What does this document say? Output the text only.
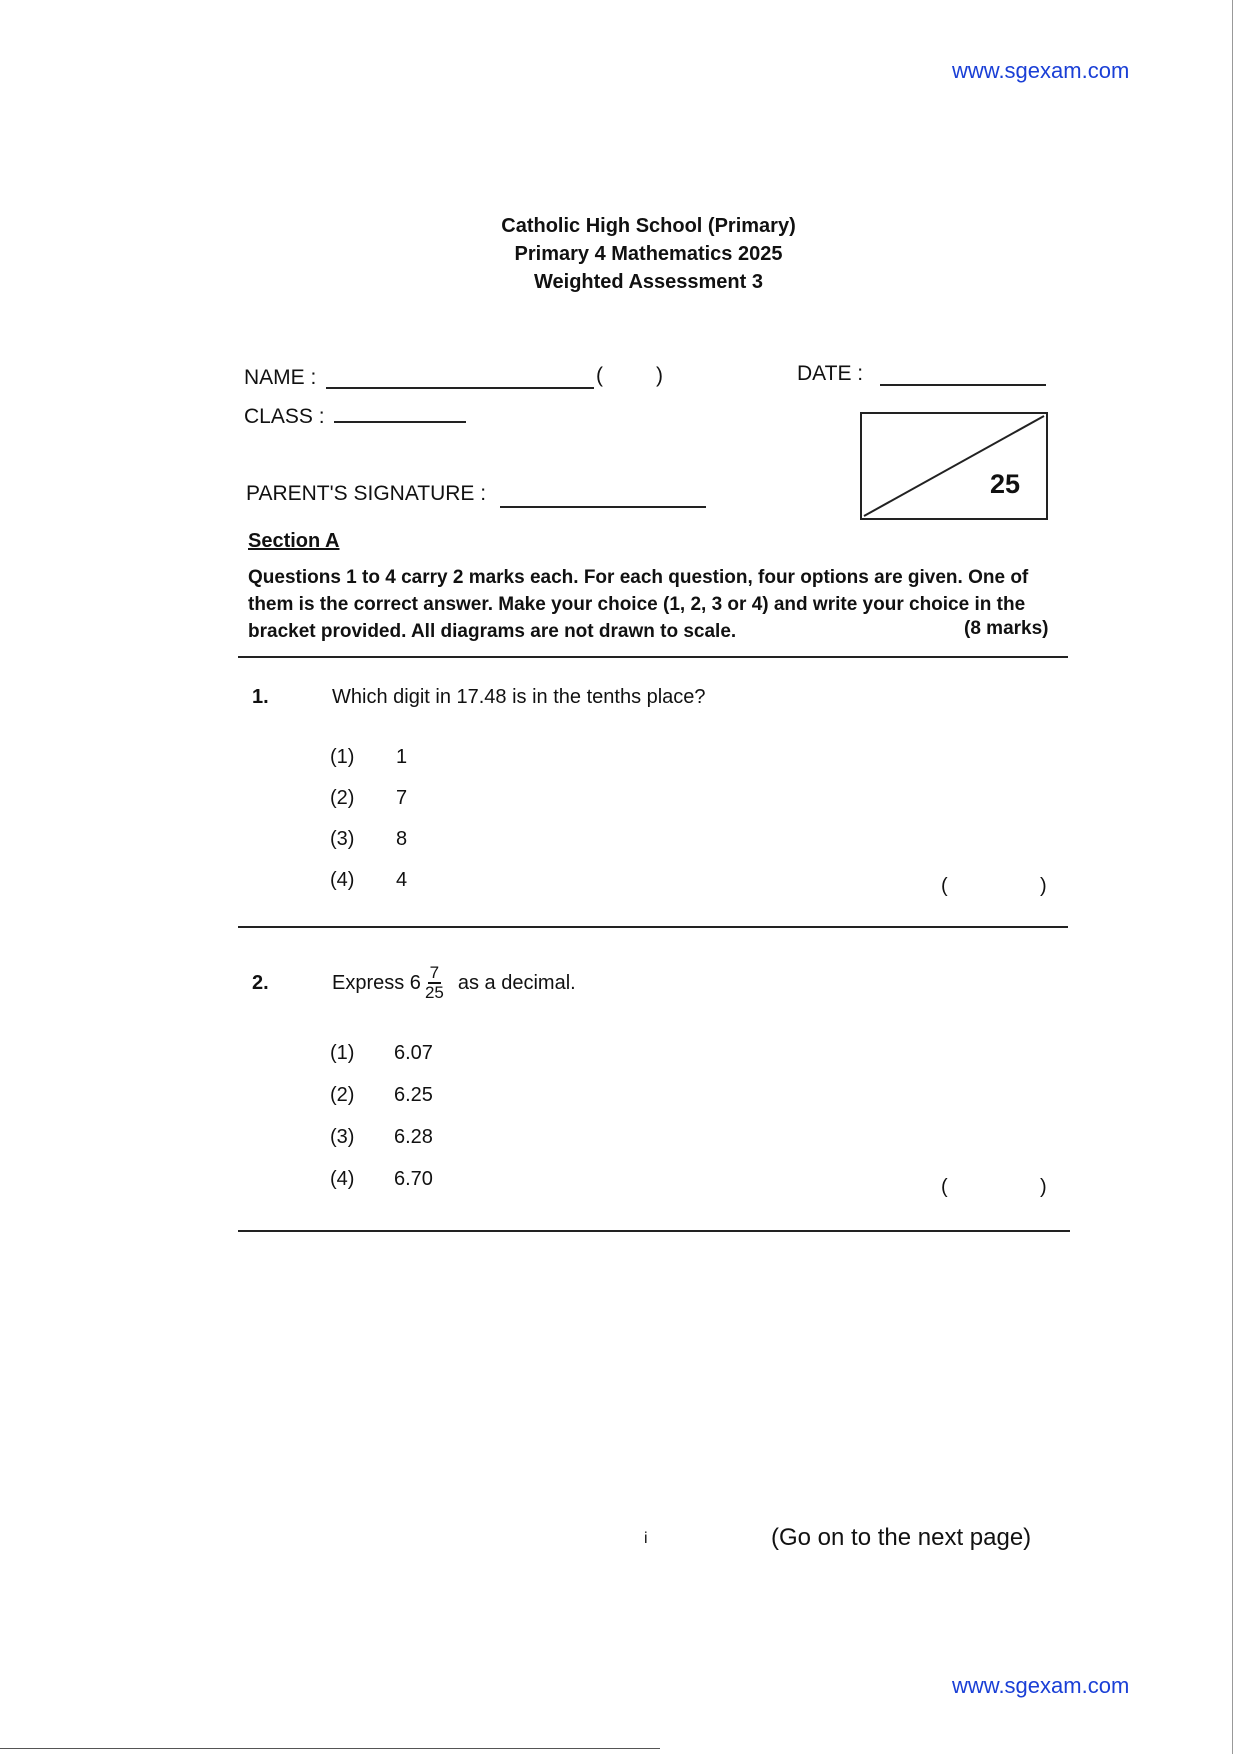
www.sgexam.com
Catholic High School (Primary)
Primary 4 Mathematics 2025
Weighted Assessment 3
NAME :	(	)	DATE :
CLASS :
PARENT'S SIGNATURE :	25
Section A
Questions 1 to 4 carry 2 marks each. For each question, four options are given. One of them is the correct answer. Make your choice (1, 2, 3 or 4) and write your choice in the bracket provided. All diagrams are not drawn to scale.	(8 marks)
1.	Which digit in 17.48 is in the tenths place?
(1) 1
(2) 7
(3) 8
(4) 4	(	)
2.	Express $6 \frac{7}{25}$ as a decimal.
(1) 6.07
(2) 6.25
(3) 6.28
(4) 6.70	(	)
i	(Go on to the next page)
www.sgexam.com
